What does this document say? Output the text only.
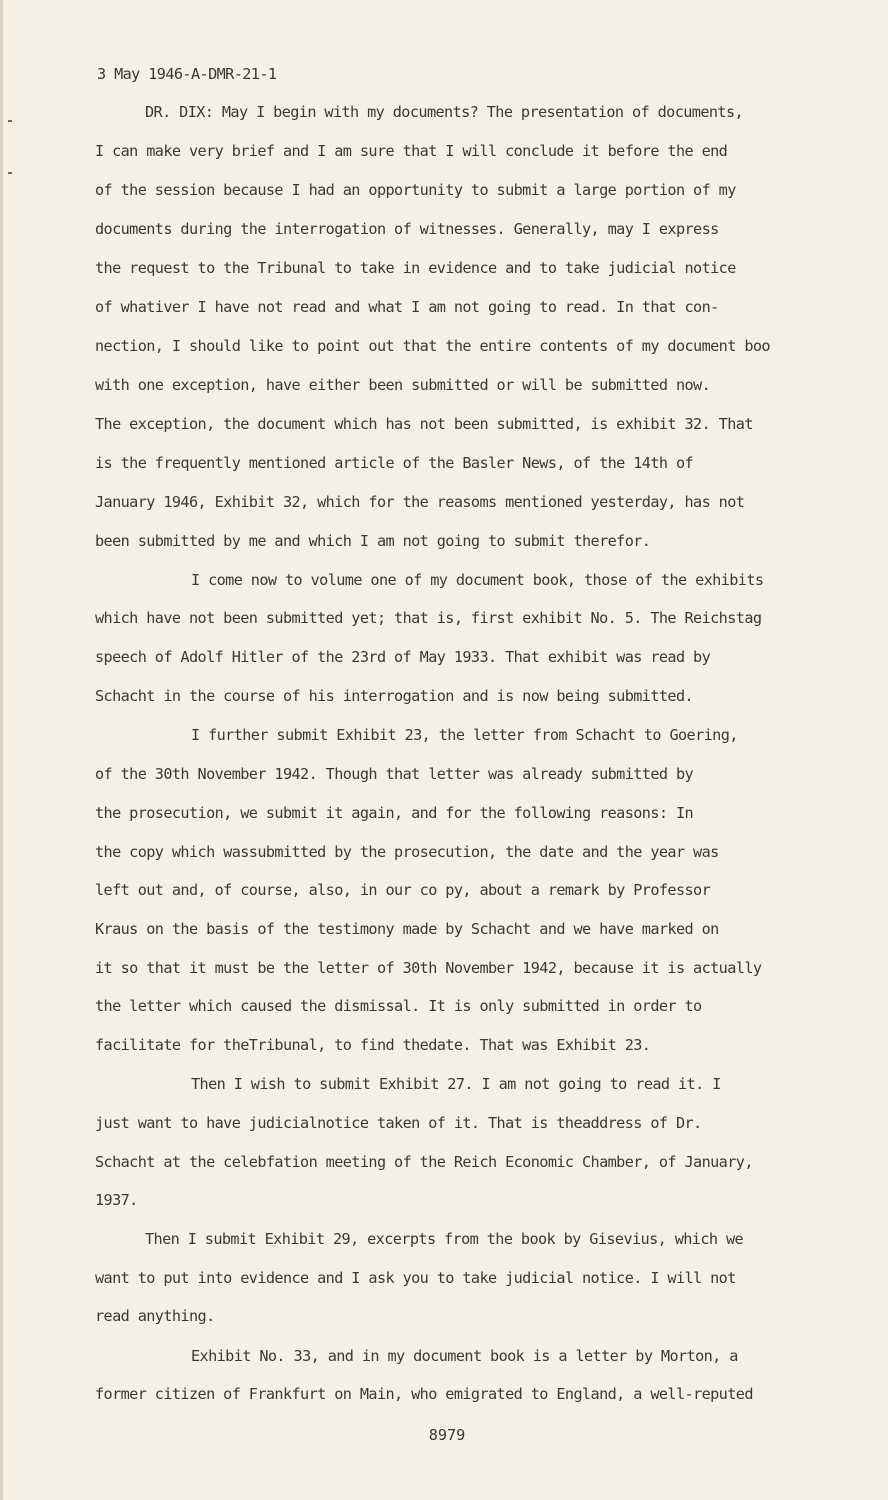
3 May 1946-A-DMR-21-1

DR. DIX: May I begin with my documents? The presentation of documents,

I can make very brief and I am sure that I will conclude it before the end

of the session because I had an opportunity to submit a large portion of my

documents during the interrogation of witnesses. Generally, may I express

the request to the Tribunal to take in evidence and to take judicial notice

of whativer I have not read and what I am not going to read. In that con-

nection, I should like to point out that the entire contents of my document boo

with one exception, have either been submitted or will be submitted now.

The exception, the document which has not been submitted, is exhibit 32. That

is the frequently mentioned article of the Basler News, of the 14th of

January 1946, Exhibit 32, which for the reasoms mentioned yesterday, has not

been submitted by me and which I am not going to submit therefor.

I come now to volume one of my document book, those of the exhibits

which have not been submitted yet; that is, first exhibit No. 5. The Reichstag

speech of Adolf Hitler of the 23rd of May 1933. That exhibit was read by

Schacht in the course of his interrogation and is now being submitted.

I further submit Exhibit 23, the letter from Schacht to Goering,

of the 30th November 1942. Though that letter was already submitted by

the prosecution, we submit it again, and for the following reasons: In

the copy which wassubmitted by the prosecution, the date and the year was

left out and, of course, also, in our co py, about a remark by Professor

Kraus on the basis of the testimony made by Schacht and we have marked on

it so that it must be the letter of 30th November 1942, because it is actually

the letter which caused the dismissal. It is only submitted in order to

facilitate for theTribunal, to find thedate. That was Exhibit 23.

Then I wish to submit Exhibit 27. I am not going to read it. I

just want to have judicialnotice taken of it. That is theaddress of Dr.

Schacht at the celebfation meeting of the Reich Economic Chamber, of January,

1937.

Then I submit Exhibit 29, excerpts from the book by Gisevius, which we

want to put into evidence and I ask you to take judicial notice. I will not

read anything.

Exhibit No. 33, and in my document book is a letter by Morton, a

former citizen of Frankfurt on Main, who emigrated to England, a well-reputed

8979
